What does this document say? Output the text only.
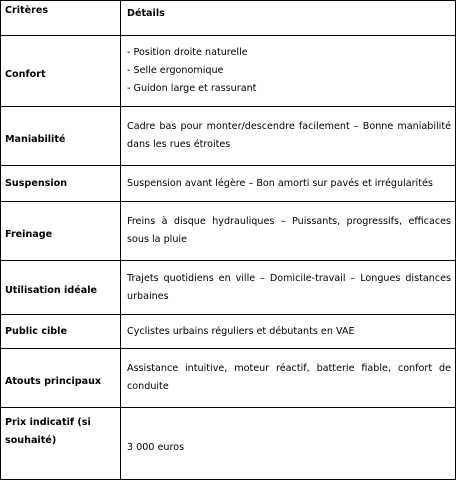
Critères	Détails
Confort	- Position droite naturelle
- Selle ergonomique
- Guidon large et rassurant

Maniabilité	Cadre bas pour monter/descendre facilement – Bonne maniabilité dans les rues étroites
Suspension	Suspension avant légère – Bon amorti sur pavés et irrégularités
Freinage	Freins à disque hydrauliques – Puissants, progressifs, efficaces sous la pluie
Utilisation idéale	Trajets quotidiens en ville – Domicile-travail – Longues distances urbaines
Public cible	Cyclistes urbains réguliers et débutants en VAE
Atouts principaux	Assistance intuitive, moteur réactif, batterie fiable, confort de conduite
Prix indicatif (si souhaité)	3 000 euros
